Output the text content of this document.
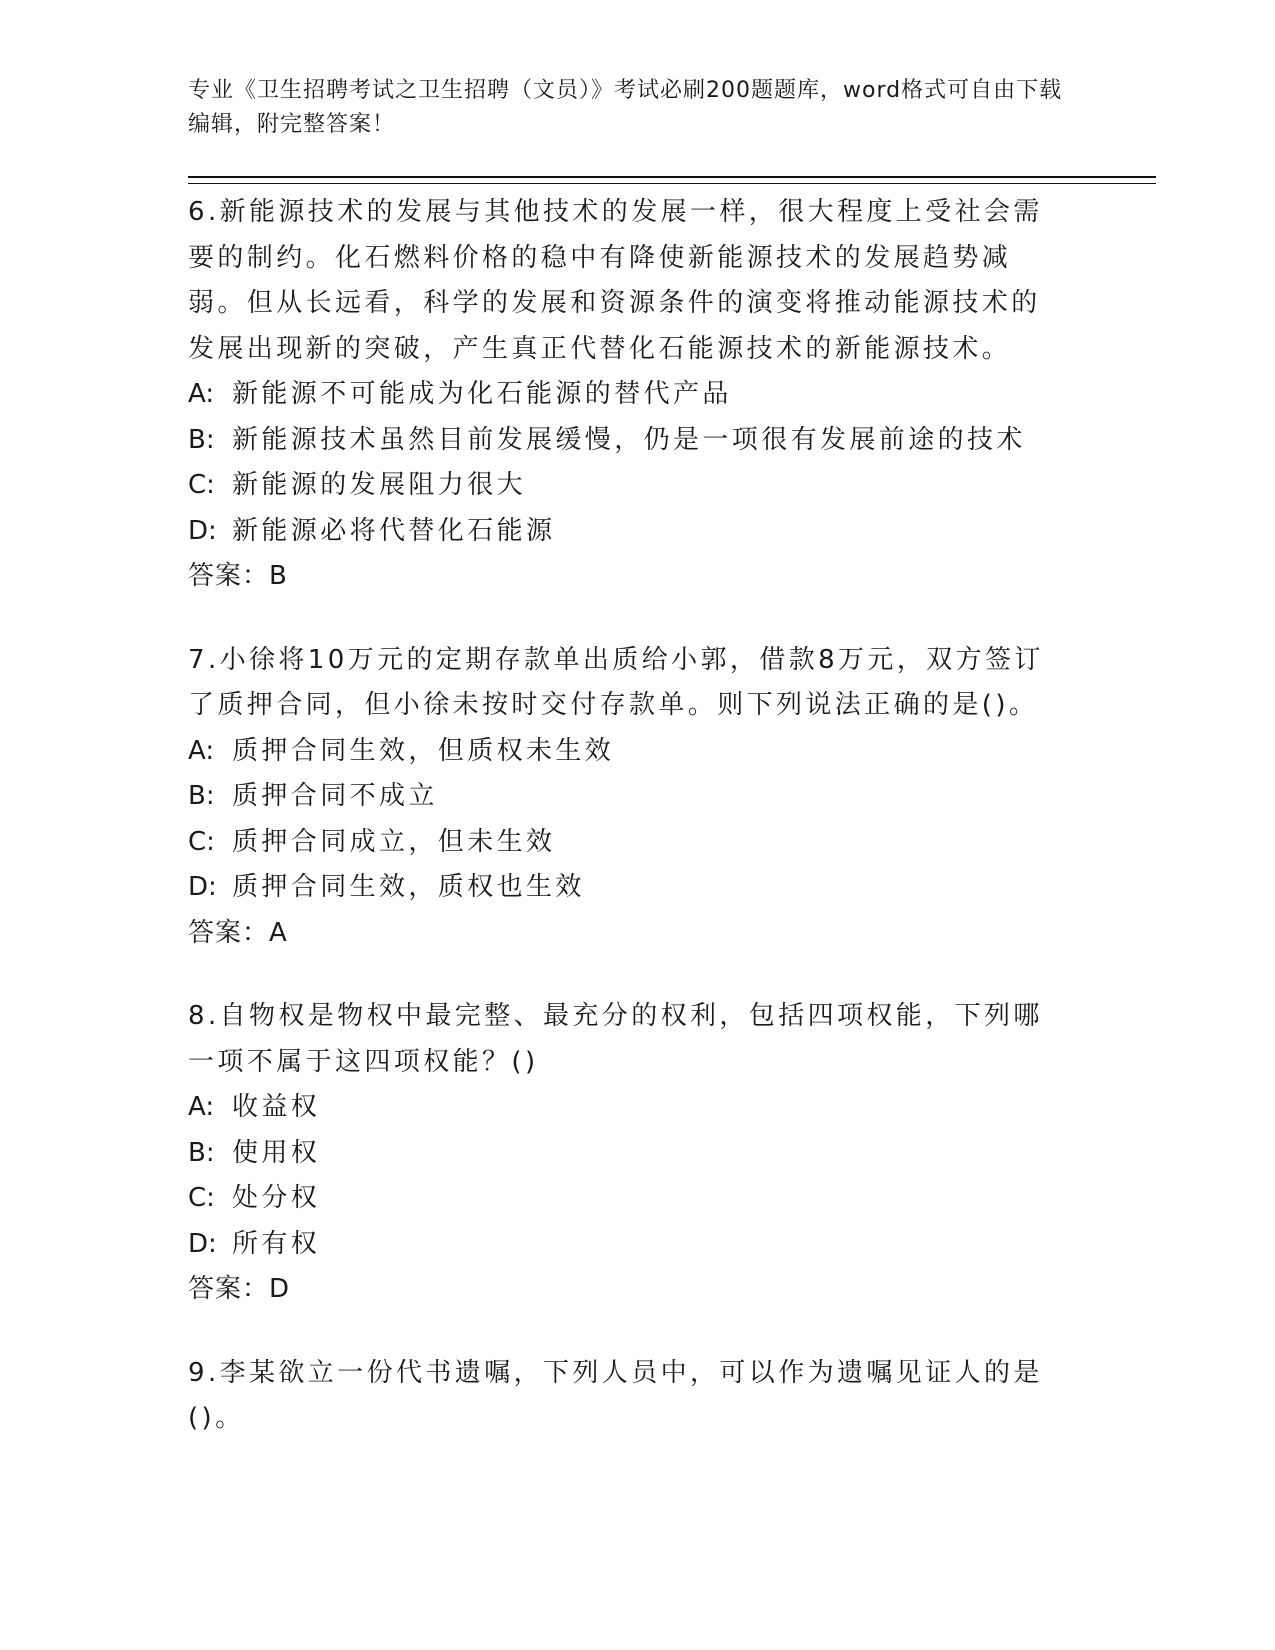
专业《卫生招聘考试之卫生招聘（文员）》考试必刷200题题库，word格式可自由下载编辑，附完整答案！

6.新能源技术的发展与其他技术的发展一样，很大程度上受社会需要的制约。化石燃料价格的稳中有降使新能源技术的发展趋势减弱。但从长远看，科学的发展和资源条件的演变将推动能源技术的发展出现新的突破，产生真正代替化石能源技术的新能源技术。

A: 新能源不可能成为化石能源的替代产品

B: 新能源技术虽然目前发展缓慢，仍是一项很有发展前途的技术

C: 新能源的发展阻力很大

D: 新能源必将代替化石能源

答案：B

7.小徐将10万元的定期存款单出质给小郭，借款8万元，双方签订了质押合同，但小徐未按时交付存款单。则下列说法正确的是()。

A: 质押合同生效，但质权未生效

B: 质押合同不成立

C: 质押合同成立，但未生效

D: 质押合同生效，质权也生效

答案：A

8.自物权是物权中最完整、最充分的权利，包括四项权能，下列哪一项不属于这四项权能？()

A: 收益权

B: 使用权

C: 处分权

D: 所有权

答案：D

9.李某欲立一份代书遗嘱，下列人员中，可以作为遗嘱见证人的是()。
